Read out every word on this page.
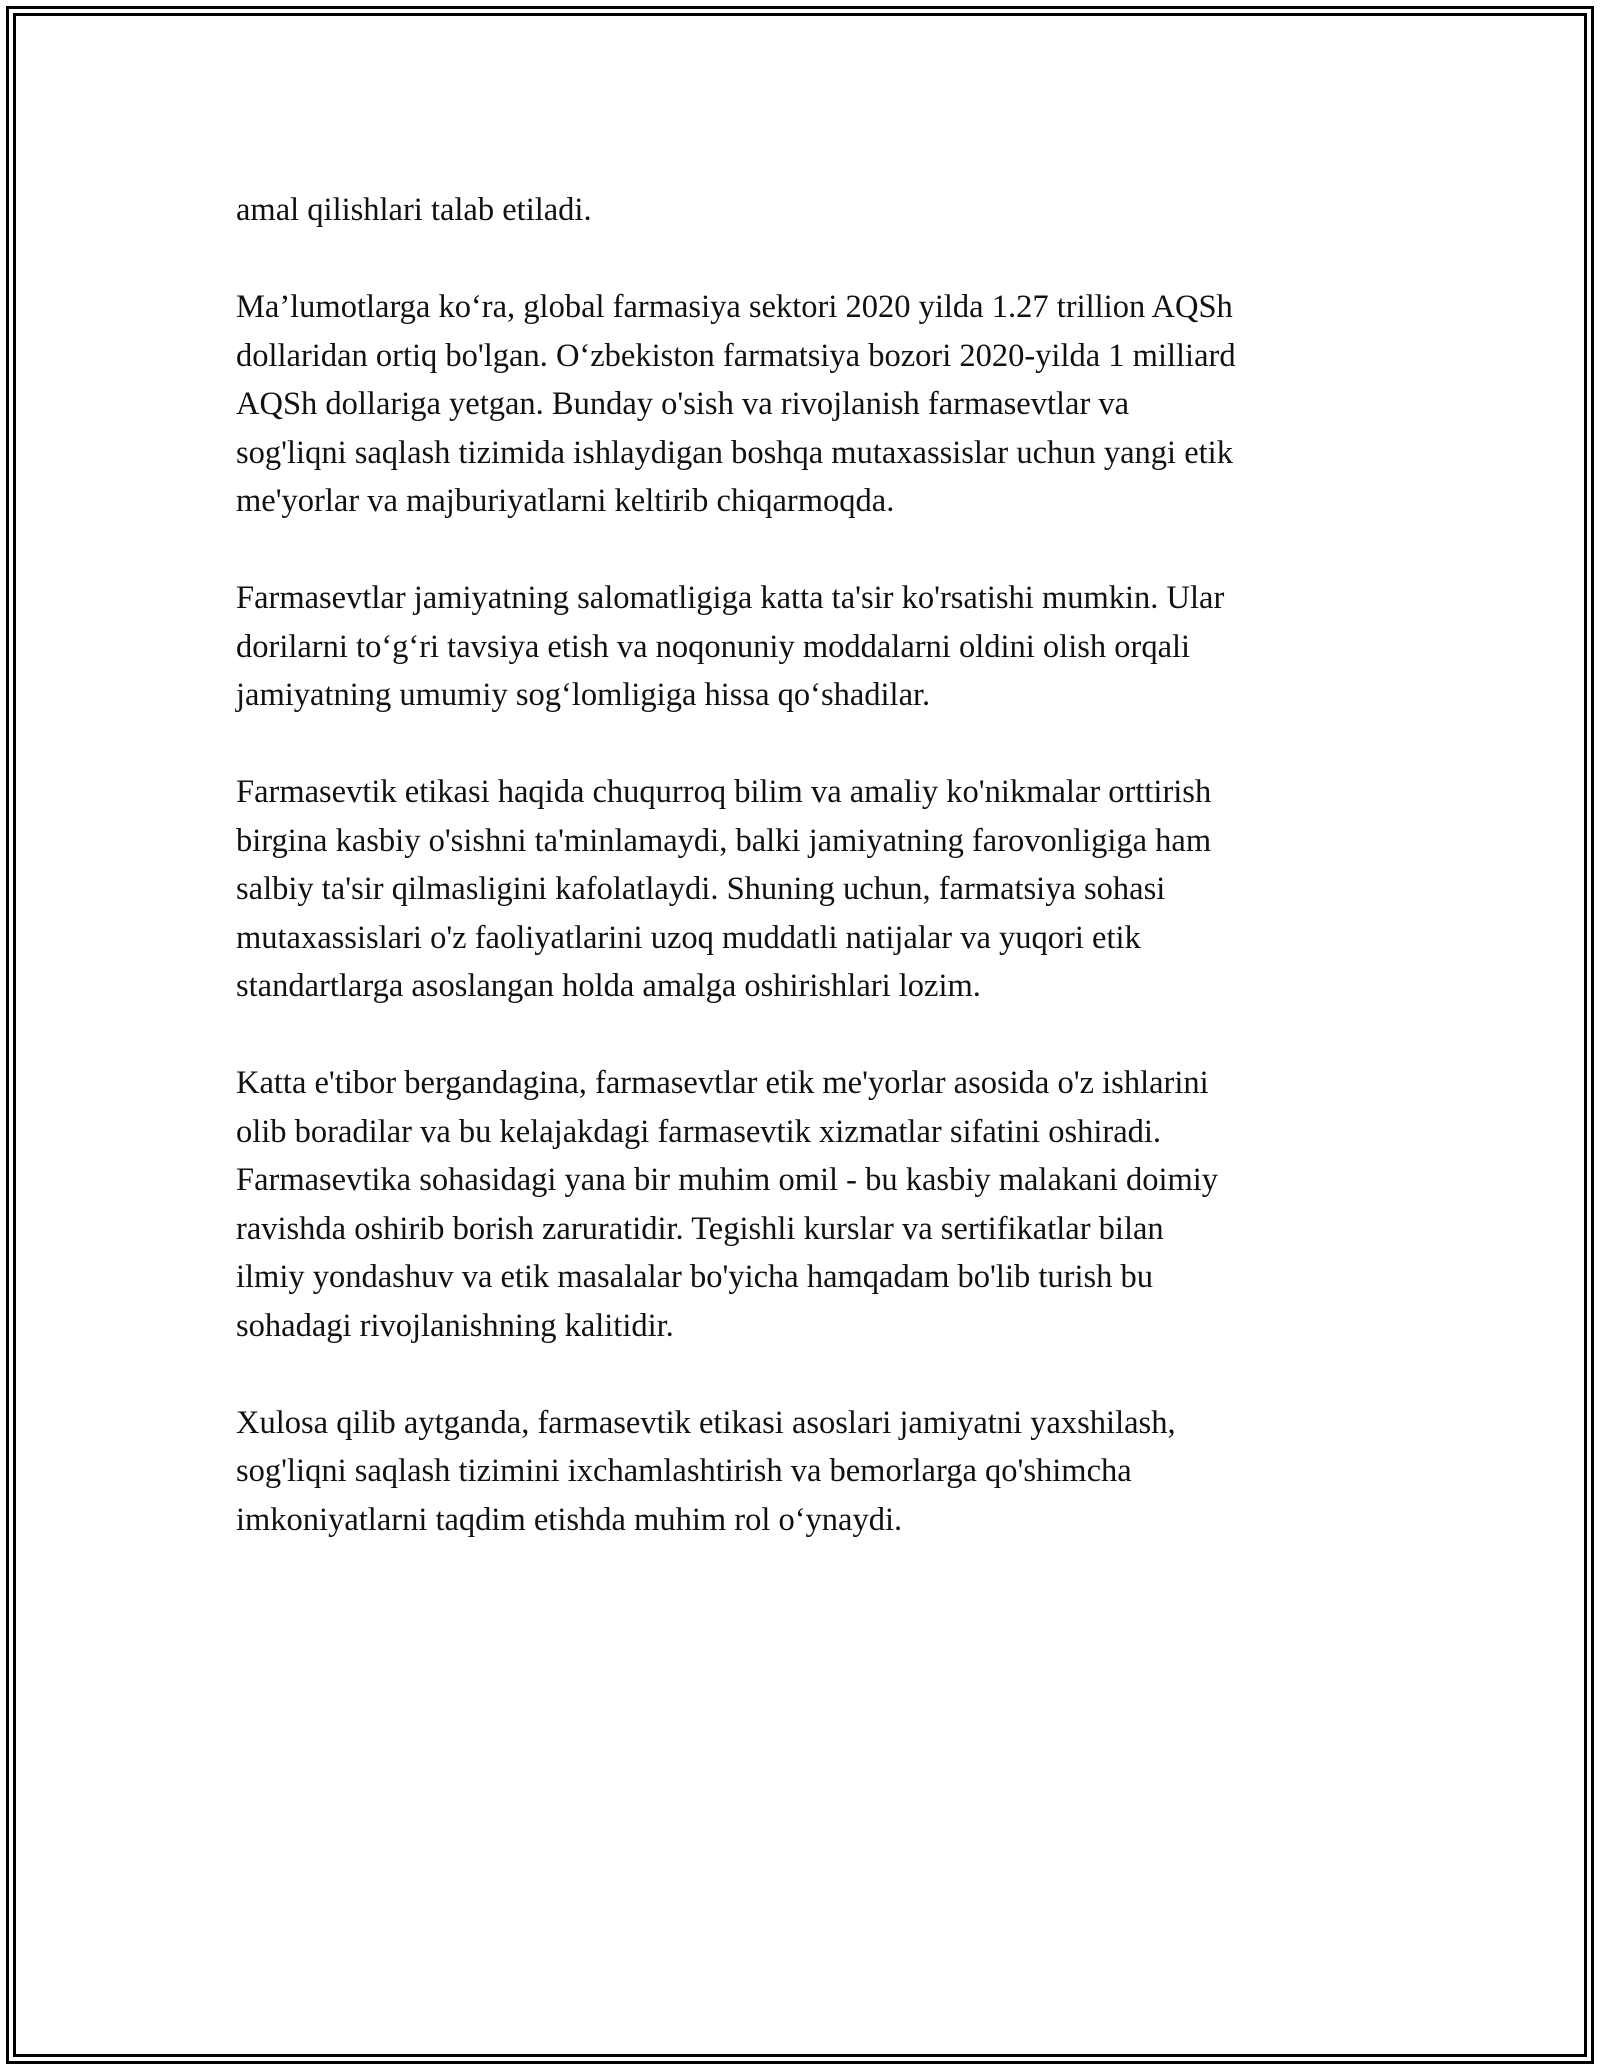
amal qilishlari talab etiladi.

Ma’lumotlarga ko‘ra, global farmasiya sektori 2020 yilda 1.27 trillion AQSh
dollaridan ortiq bo'lgan. O‘zbekiston farmatsiya bozori 2020-yilda 1 milliard
AQSh dollariga yetgan. Bunday o'sish va rivojlanish farmasevtlar va
sog'liqni saqlash tizimida ishlaydigan boshqa mutaxassislar uchun yangi etik
me'yorlar va majburiyatlarni keltirib chiqarmoqda.

Farmasevtlar jamiyatning salomatligiga katta ta'sir ko'rsatishi mumkin. Ular
dorilarni to‘g‘ri tavsiya etish va noqonuniy moddalarni oldini olish orqali
jamiyatning umumiy sog‘lomligiga hissa qo‘shadilar.

Farmasevtik etikasi haqida chuqurroq bilim va amaliy ko'nikmalar orttirish
birgina kasbiy o'sishni ta'minlamaydi, balki jamiyatning farovonligiga ham
salbiy ta'sir qilmasligini kafolatlaydi. Shuning uchun, farmatsiya sohasi
mutaxassislari o'z faoliyatlarini uzoq muddatli natijalar va yuqori etik
standartlarga asoslangan holda amalga oshirishlari lozim.

Katta e'tibor bergandagina, farmasevtlar etik me'yorlar asosida o'z ishlarini
olib boradilar va bu kelajakdagi farmasevtik xizmatlar sifatini oshiradi.
Farmasevtika sohasidagi yana bir muhim omil - bu kasbiy malakani doimiy
ravishda oshirib borish zaruratidir. Tegishli kurslar va sertifikatlar bilan
ilmiy yondashuv va etik masalalar bo'yicha hamqadam bo'lib turish bu
sohadagi rivojlanishning kalitidir.

Xulosa qilib aytganda, farmasevtik etikasi asoslari jamiyatni yaxshilash,
sog'liqni saqlash tizimini ixchamlashtirish va bemorlarga qo'shimcha
imkoniyatlarni taqdim etishda muhim rol o‘ynaydi.
